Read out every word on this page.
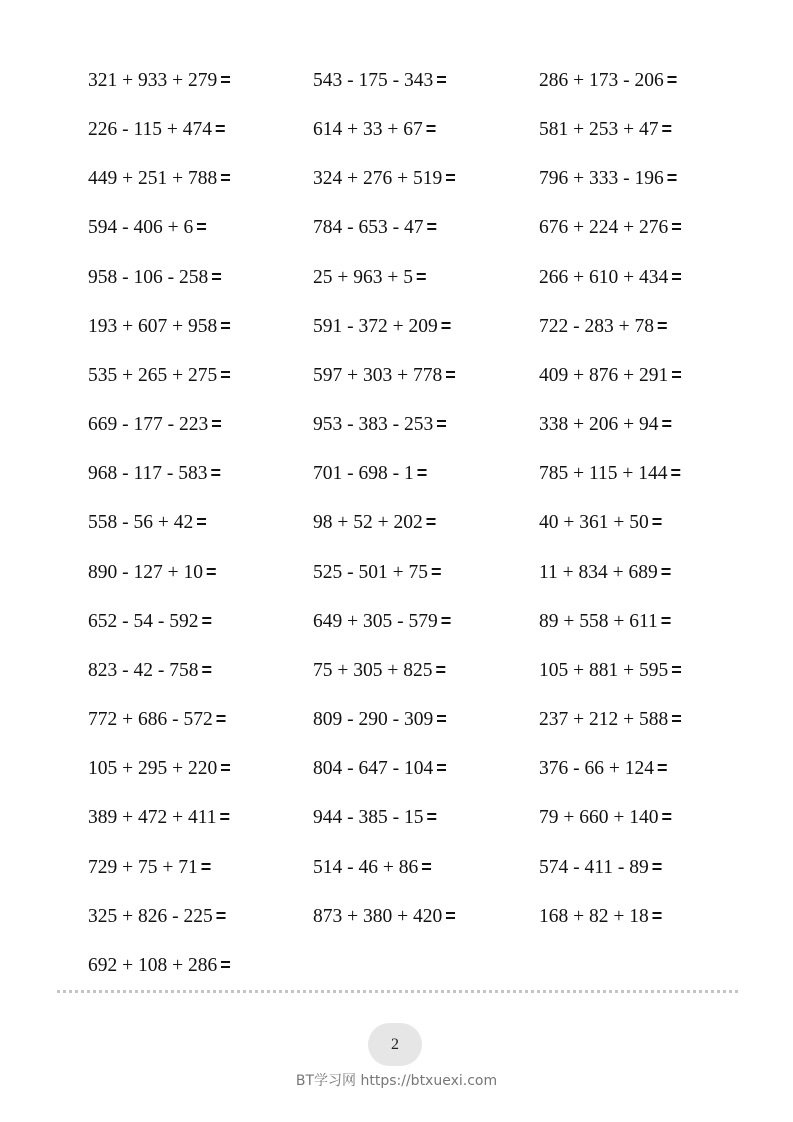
321 + 933 + 279 =	543 - 175 - 343 =	286 + 173 - 206 =
226 - 115 + 474 =	614 + 33 + 67 =	581 + 253 + 47 =
449 + 251 + 788 =	324 + 276 + 519 =	796 + 333 - 196 =
594 - 406 + 6 =	784 - 653 - 47 =	676 + 224 + 276 =
958 - 106 - 258 =	25 + 963 + 5 =	266 + 610 + 434 =
193 + 607 + 958 =	591 - 372 + 209 =	722 - 283 + 78 =
535 + 265 + 275 =	597 + 303 + 778 =	409 + 876 + 291 =
669 - 177 - 223 =	953 - 383 - 253 =	338 + 206 + 94 =
968 - 117 - 583 =	701 - 698 - 1 =	785 + 115 + 144 =
558 - 56 + 42 =	98 + 52 + 202 =	40 + 361 + 50 =
890 - 127 + 10 =	525 - 501 + 75 =	11 + 834 + 689 =
652 - 54 - 592 =	649 + 305 - 579 =	89 + 558 + 611 =
823 - 42 - 758 =	75 + 305 + 825 =	105 + 881 + 595 =
772 + 686 - 572 =	809 - 290 - 309 =	237 + 212 + 588 =
105 + 295 + 220 =	804 - 647 - 104 =	376 - 66 + 124 =
389 + 472 + 411 =	944 - 385 - 15 =	79 + 660 + 140 =
729 + 75 + 71 =	514 - 46 + 86 =	574 - 411 - 89 =
325 + 826 - 225 =	873 + 380 + 420 =	168 + 82 + 18 =
692 + 108 + 286 =
2
BT学习网 https://btxuexi.com
